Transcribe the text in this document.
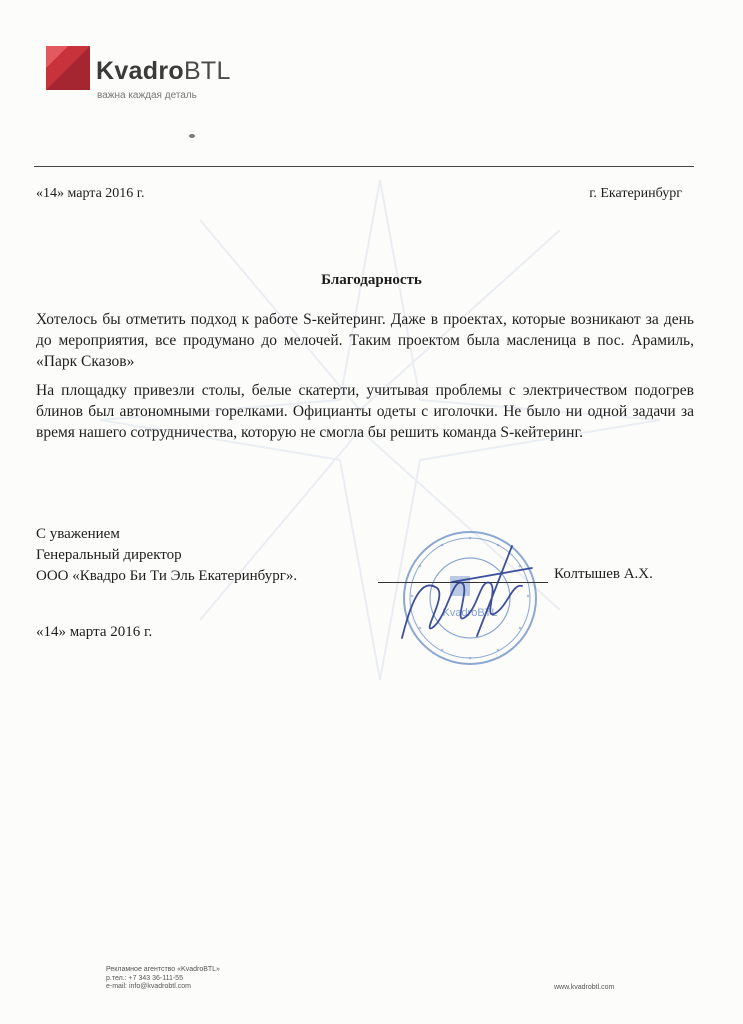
KvadroBTL
важна каждая деталь
«14» марта 2016 г.	г. Екатеринбург
Благодарность
Хотелось бы отметить подход к работе S-кейтеринг. Даже в проектах, которые возникают за день до мероприятия, все продумано до мелочей. Таким проектом была масленица в пос. Арамиль, «Парк Сказов»
На площадку привезли столы, белые скатерти, учитывая проблемы с электричеством подогрев блинов был автономными горелками. Официанты одеты с иголочки. Не было ни одной задачи за время нашего сотрудничества, которую не смогла бы решить команда S-кейтеринг.
С уважением
Генеральный директор
ООО «Квадро Би Ти Эль Екатеринбург».
KvadroBTL
Колтышев А.Х.
«14» марта 2016 г.
Рекламное агентство «KvadroBTL»
р.тел.: +7 343 36-111-55
e-mail: info@kvadrobtl.com	www.kvadrobtl.com
